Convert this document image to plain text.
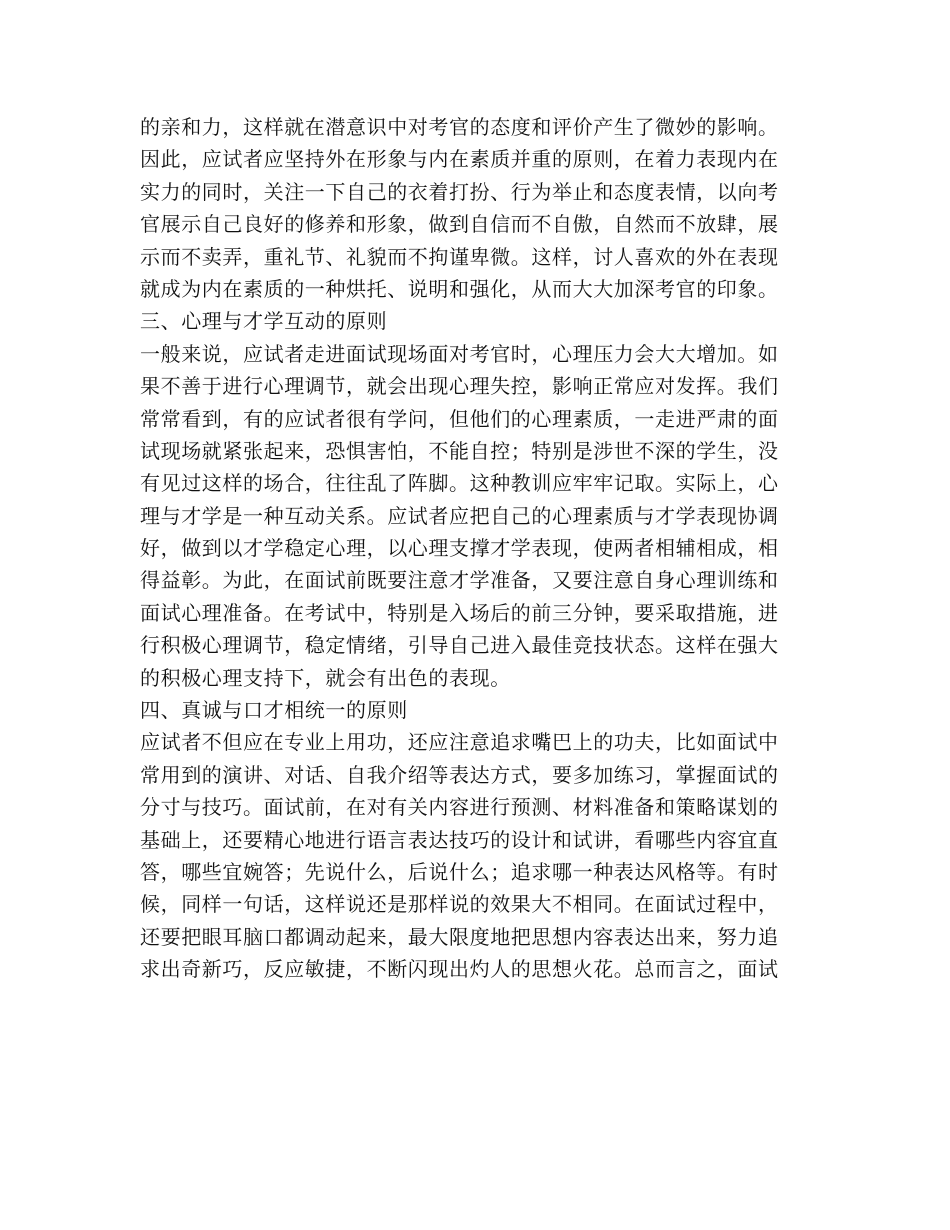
的亲和力，这样就在潜意识中对考官的态度和评价产生了微妙的影响。
因此，应试者应坚持外在形象与内在素质并重的原则，在着力表现内在
实力的同时，关注一下自己的衣着打扮、行为举止和态度表情，以向考
官展示自己良好的修养和形象，做到自信而不自傲，自然而不放肆，展
示而不卖弄，重礼节、礼貌而不拘谨卑微。这样，讨人喜欢的外在表现
就成为内在素质的一种烘托、说明和强化，从而大大加深考官的印象。
三、心理与才学互动的原则
一般来说，应试者走进面试现场面对考官时，心理压力会大大增加。如
果不善于进行心理调节，就会出现心理失控，影响正常应对发挥。我们
常常看到，有的应试者很有学问，但他们的心理素质，一走进严肃的面
试现场就紧张起来，恐惧害怕，不能自控；特别是涉世不深的学生，没
有见过这样的场合，往往乱了阵脚。这种教训应牢牢记取。实际上，心
理与才学是一种互动关系。应试者应把自己的心理素质与才学表现协调
好，做到以才学稳定心理，以心理支撑才学表现，使两者相辅相成，相
得益彰。为此，在面试前既要注意才学准备，又要注意自身心理训练和
面试心理准备。在考试中，特别是入场后的前三分钟，要采取措施，进
行积极心理调节，稳定情绪，引导自己进入最佳竞技状态。这样在强大
的积极心理支持下，就会有出色的表现。
四、真诚与口才相统一的原则
应试者不但应在专业上用功，还应注意追求嘴巴上的功夫，比如面试中
常用到的演讲、对话、自我介绍等表达方式，要多加练习，掌握面试的
分寸与技巧。面试前，在对有关内容进行预测、材料准备和策略谋划的
基础上，还要精心地进行语言表达技巧的设计和试讲，看哪些内容宜直
答，哪些宜婉答；先说什么，后说什么；追求哪一种表达风格等。有时
候，同样一句话，这样说还是那样说的效果大不相同。在面试过程中，
还要把眼耳脑口都调动起来，最大限度地把思想内容表达出来，努力追
求出奇新巧，反应敏捷，不断闪现出灼人的思想火花。总而言之，面试
